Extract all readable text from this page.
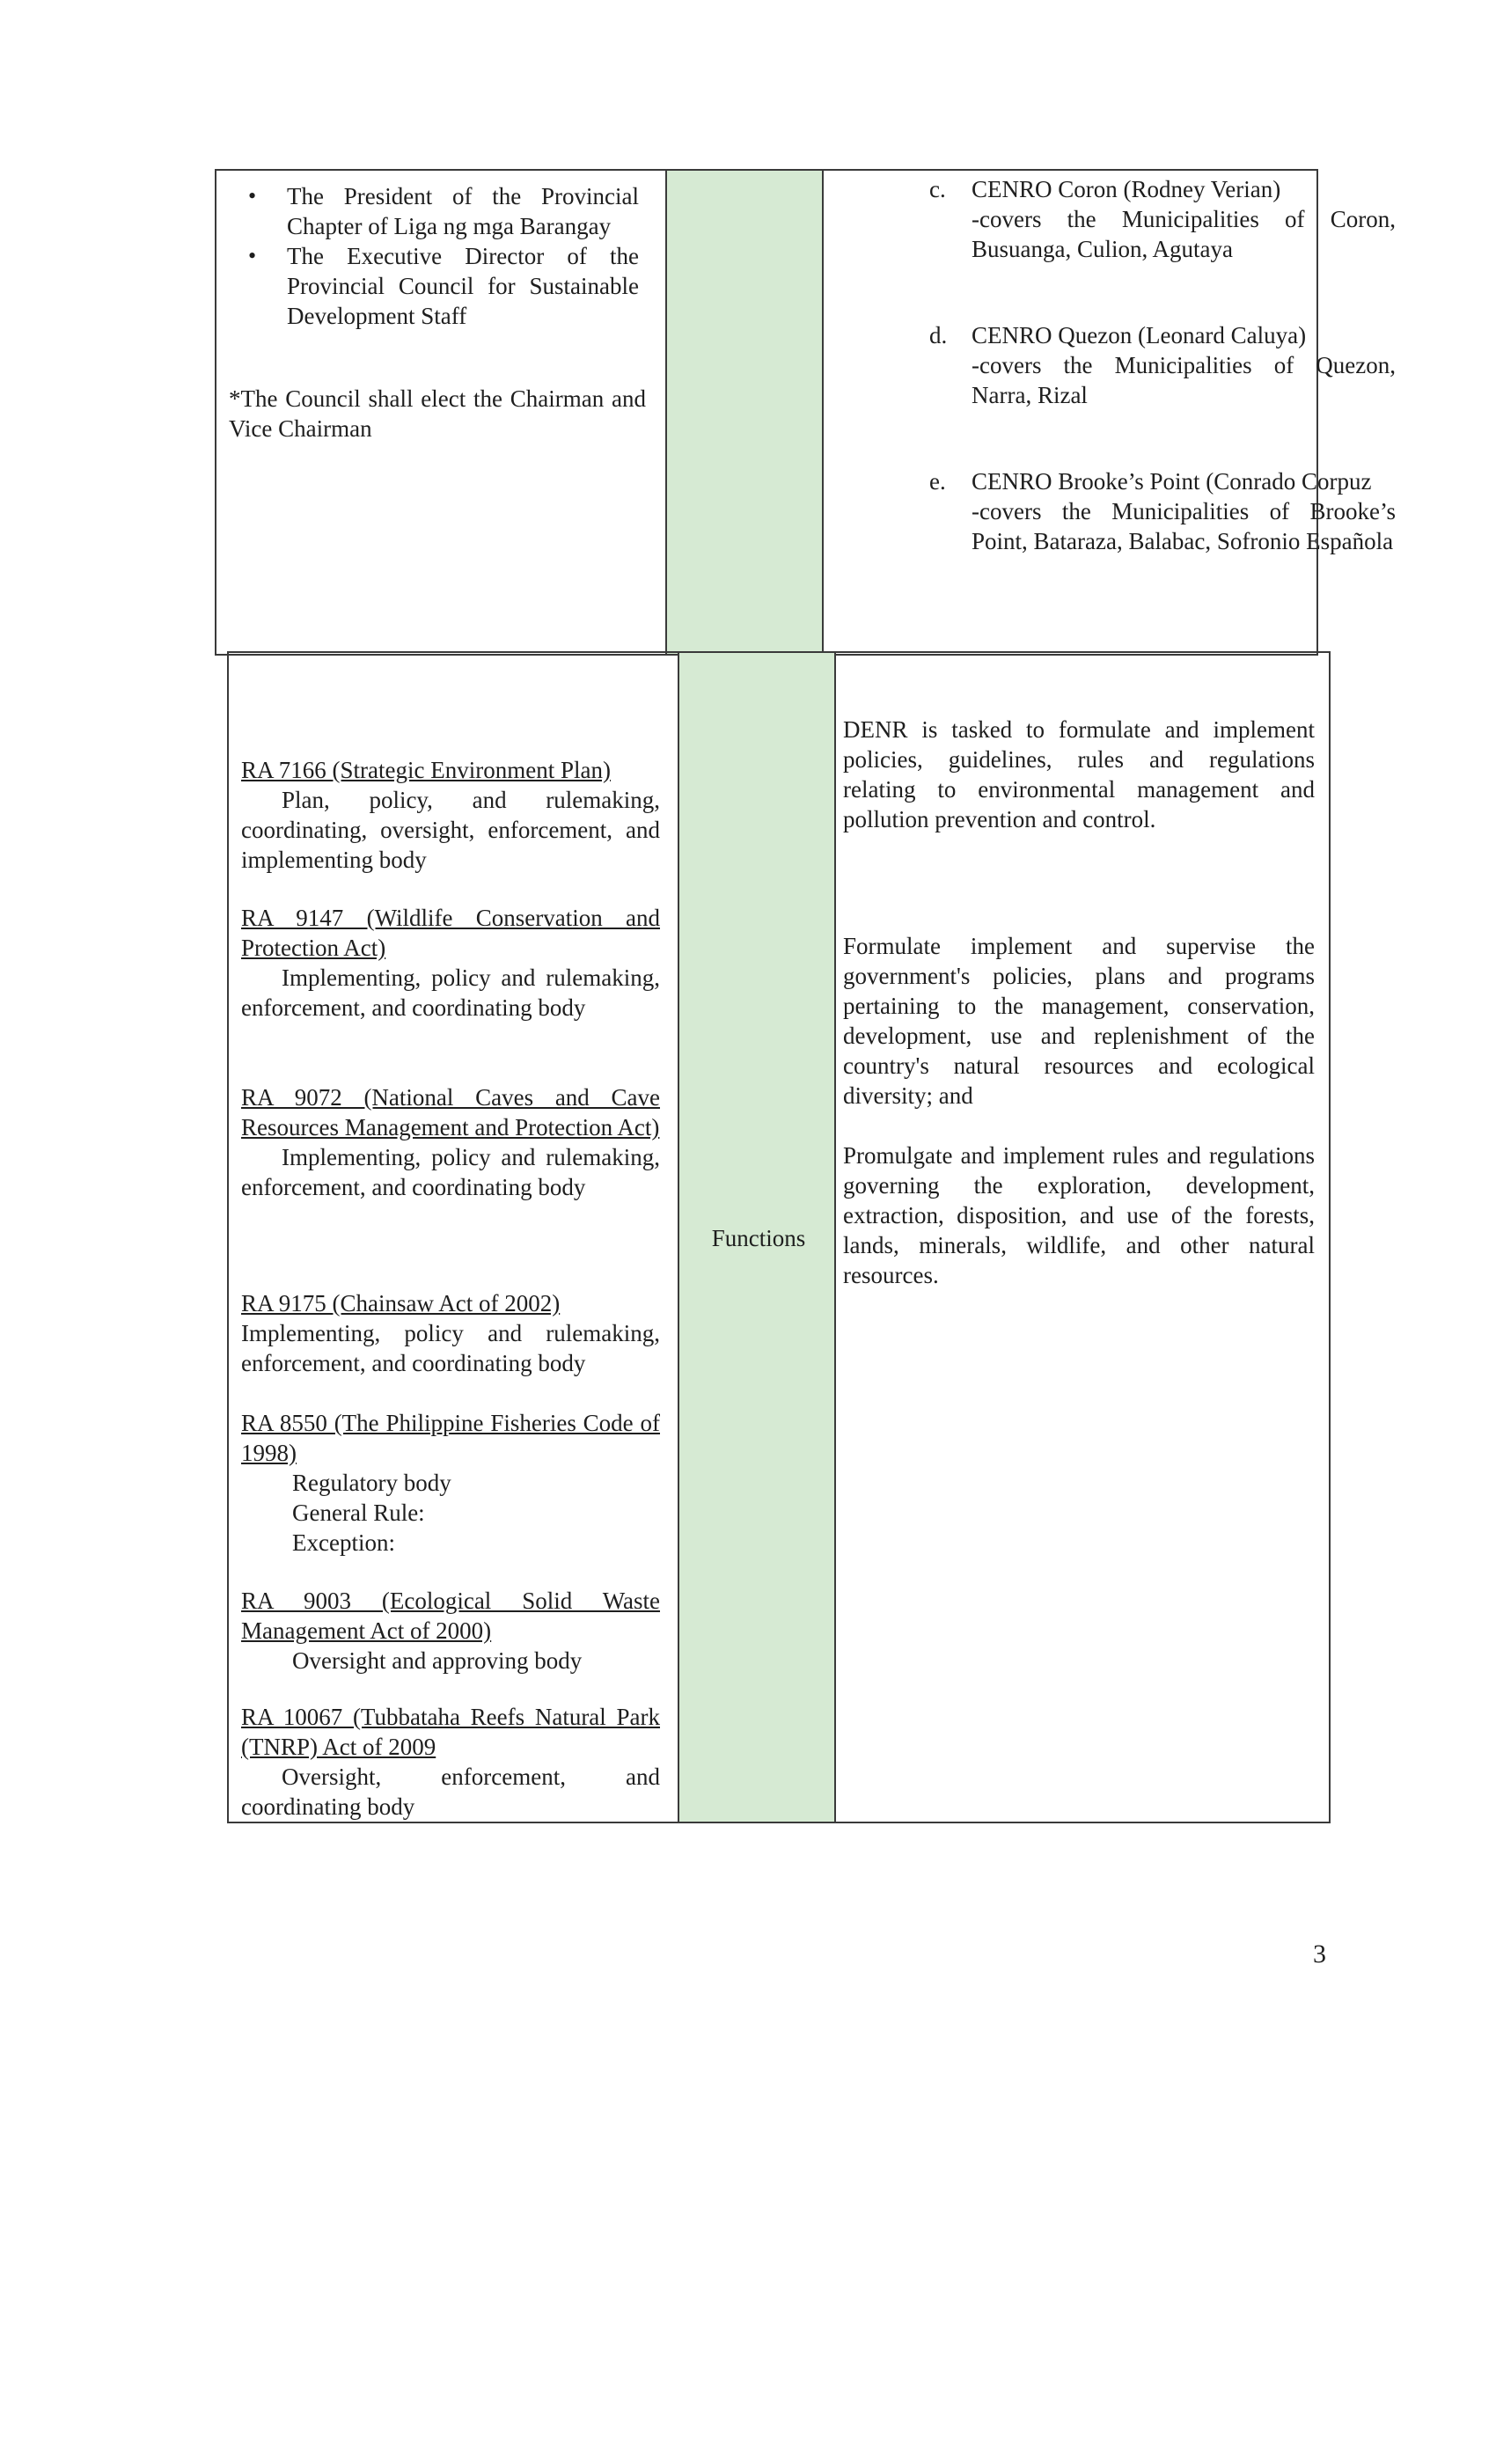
• The President of the Provincial Chapter of Liga ng mga Barangay
• The Executive Director of the Provincial Council for Sustainable Development Staff
*The Council shall elect the Chairman and Vice Chairman
c. CENRO Coron (Rodney Verian)
-covers the Municipalities of Coron, Busuanga, Culion, Agutaya
d. CENRO Quezon (Leonard Caluya)
-covers the Municipalities of Quezon, Narra, Rizal
e. CENRO Brooke’s Point (Conrado Corpuz
-covers the Municipalities of Brooke’s Point, Bataraza, Balabac, Sofronio Española
RA 7166 (Strategic Environment Plan)
Plan, policy, and rulemaking, coordinating, oversight, enforcement, and implementing body
RA 9147 (Wildlife Conservation and Protection Act)
Implementing, policy and rulemaking, enforcement, and coordinating body
RA 9072 (National Caves and Cave Resources Management and Protection Act)
Implementing, policy and rulemaking, enforcement, and coordinating body
RA 9175 (Chainsaw Act of 2002)
Implementing, policy and rulemaking, enforcement, and coordinating body
RA 8550 (The Philippine Fisheries Code of 1998)
Regulatory body
General Rule:
Exception:
RA 9003 (Ecological Solid Waste Management Act of 2000)
Oversight and approving body
RA 10067 (Tubbataha Reefs Natural Park (TNRP) Act of 2009
Oversight, enforcement, and coordinating body
Functions
DENR is tasked to formulate and implement policies, guidelines, rules and regulations relating to environmental management and pollution prevention and control.
Formulate implement and supervise the government's policies, plans and programs pertaining to the management, conservation, development, use and replenishment of the country's natural resources and ecological diversity; and
Promulgate and implement rules and regulations governing the exploration, development, extraction, disposition, and use of the forests, lands, minerals, wildlife, and other natural resources.
3
